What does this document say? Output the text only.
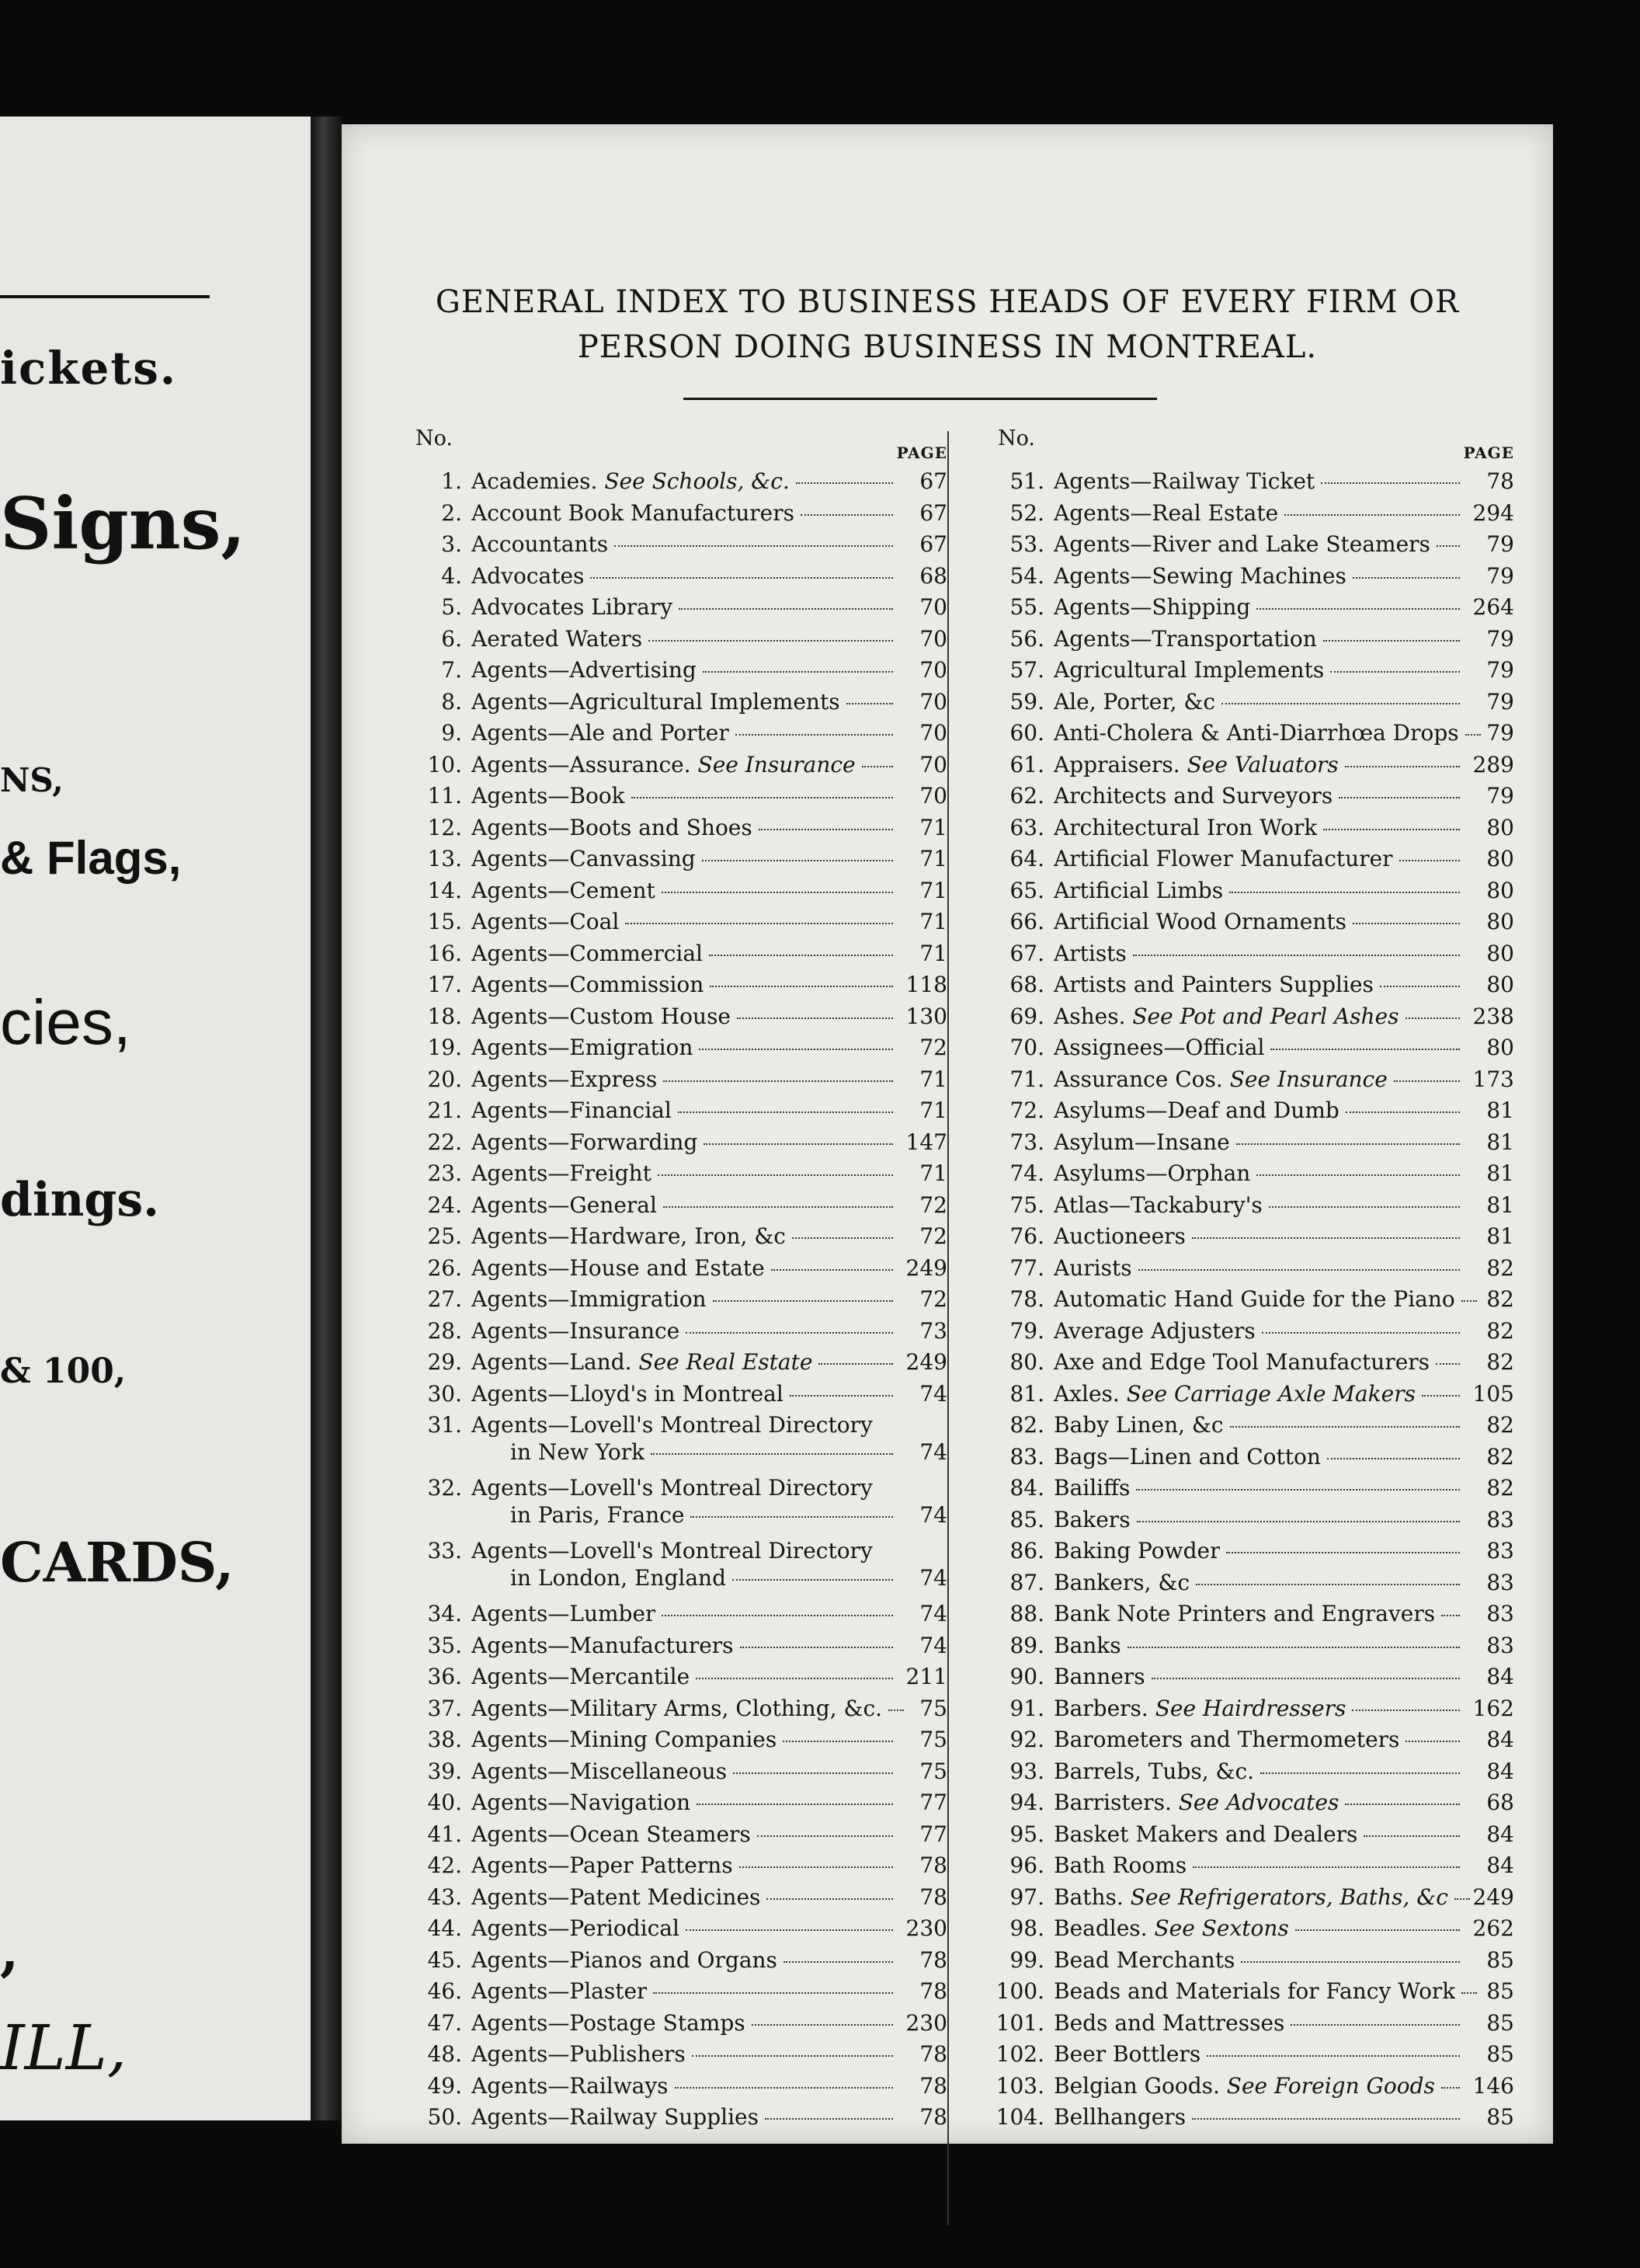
ickets.
Signs,
NS,
& Flags,
cies,
dings.
& 100,
CARDS,
,
ILL,
GENERAL INDEX TO BUSINESS HEADS OF EVERY FIRM OR
PERSON DOING BUSINESS IN MONTREAL.
No.
PAGE
1. Academies. See Schools, &c.	67
2. Account Book Manufacturers	67
3. Accountants	67
4. Advocates	68
5. Advocates Library	70
6. Aerated Waters	70
7. Agents—Advertising	70
8. Agents—Agricultural Implements	70
9. Agents—Ale and Porter	70
10. Agents—Assurance. See Insurance	70
11. Agents—Book	70
12. Agents—Boots and Shoes	71
13. Agents—Canvassing	71
14. Agents—Cement	71
15. Agents—Coal	71
16. Agents—Commercial	71
17. Agents—Commission	118
18. Agents—Custom House	130
19. Agents—Emigration	72
20. Agents—Express	71
21. Agents—Financial	71
22. Agents—Forwarding	147
23. Agents—Freight	71
24. Agents—General	72
25. Agents—Hardware, Iron, &c	72
26. Agents—House and Estate	249
27. Agents—Immigration	72
28. Agents—Insurance	73
29. Agents—Land. See Real Estate	249
30. Agents—Lloyd's in Montreal	74
31. Agents—Lovell's Montreal Directory
in New York	74
32. Agents—Lovell's Montreal Directory
in Paris, France	74
33. Agents—Lovell's Montreal Directory
in London, England	74
34. Agents—Lumber	74
35. Agents—Manufacturers	74
36. Agents—Mercantile	211
37. Agents—Military Arms, Clothing, &c.	75
38. Agents—Mining Companies	75
39. Agents—Miscellaneous	75
40. Agents—Navigation	77
41. Agents—Ocean Steamers	77
42. Agents—Paper Patterns	78
43. Agents—Patent Medicines	78
44. Agents—Periodical	230
45. Agents—Pianos and Organs	78
46. Agents—Plaster	78
47. Agents—Postage Stamps	230
48. Agents—Publishers	78
49. Agents—Railways	78
50. Agents—Railway Supplies	78
No.
PAGE
51. Agents—Railway Ticket	78
52. Agents—Real Estate	294
53. Agents—River and Lake Steamers	79
54. Agents—Sewing Machines	79
55. Agents—Shipping	264
56. Agents—Transportation	79
57. Agricultural Implements	79
59. Ale, Porter, &c	79
60. Anti-Cholera & Anti-Diarrhœa Drops	79
61. Appraisers. See Valuators	289
62. Architects and Surveyors	79
63. Architectural Iron Work	80
64. Artificial Flower Manufacturer	80
65. Artificial Limbs	80
66. Artificial Wood Ornaments	80
67. Artists	80
68. Artists and Painters Supplies	80
69. Ashes. See Pot and Pearl Ashes	238
70. Assignees—Official	80
71. Assurance Cos. See Insurance	173
72. Asylums—Deaf and Dumb	81
73. Asylum—Insane	81
74. Asylums—Orphan	81
75. Atlas—Tackabury's	81
76. Auctioneers	81
77. Aurists	82
78. Automatic Hand Guide for the Piano	82
79. Average Adjusters	82
80. Axe and Edge Tool Manufacturers	82
81. Axles. See Carriage Axle Makers	105
82. Baby Linen, &c	82
83. Bags—Linen and Cotton	82
84. Bailiffs	82
85. Bakers	83
86. Baking Powder	83
87. Bankers, &c	83
88. Bank Note Printers and Engravers	83
89. Banks	83
90. Banners	84
91. Barbers. See Hairdressers	162
92. Barometers and Thermometers	84
93. Barrels, Tubs, &c.	84
94. Barristers. See Advocates	68
95. Basket Makers and Dealers	84
96. Bath Rooms	84
97. Baths. See Refrigerators, Baths, &c	249
98. Beadles. See Sextons	262
99. Bead Merchants	85
100. Beads and Materials for Fancy Work	85
101. Beds and Mattresses	85
102. Beer Bottlers	85
103. Belgian Goods. See Foreign Goods	146
104. Bellhangers	85
